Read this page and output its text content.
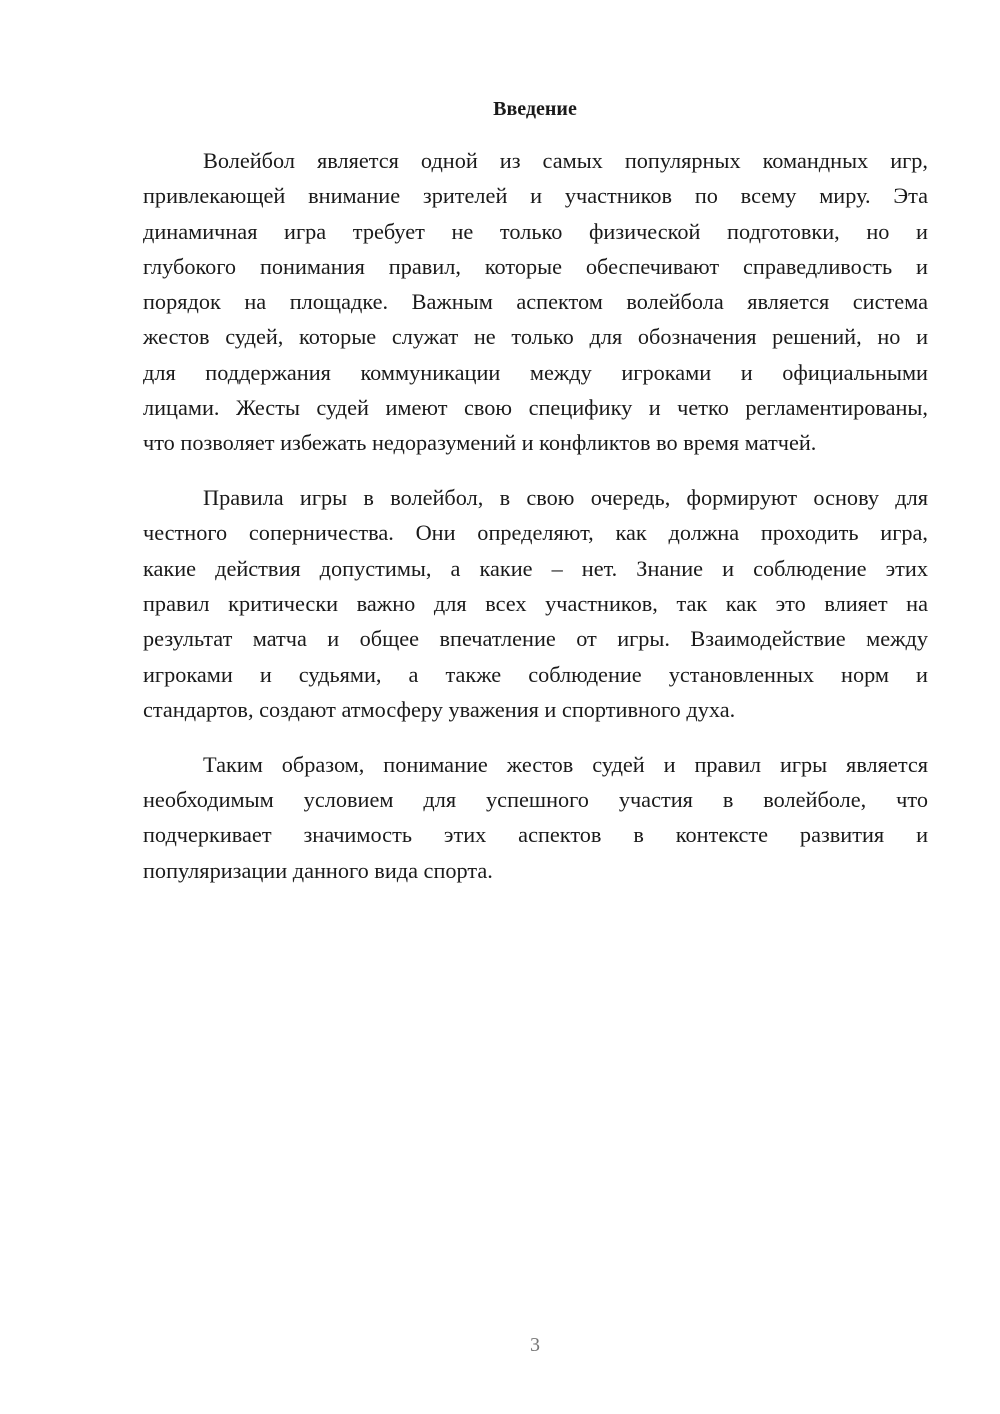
Введение
Волейбол является одной из самых популярных командных игр,
привлекающей внимание зрителей и участников по всему миру. Эта
динамичная игра требует не только физической подготовки, но и
глубокого понимания правил, которые обеспечивают справедливость и
порядок на площадке. Важным аспектом волейбола является система
жестов судей, которые служат не только для обозначения решений, но и
для поддержания коммуникации между игроками и официальными
лицами. Жесты судей имеют свою специфику и четко регламентированы,
что позволяет избежать недоразумений и конфликтов во время матчей.
Правила игры в волейбол, в свою очередь, формируют основу для
честного соперничества. Они определяют, как должна проходить игра,
какие действия допустимы, а какие – нет. Знание и соблюдение этих
правил критически важно для всех участников, так как это влияет на
результат матча и общее впечатление от игры. Взаимодействие между
игроками и судьями, а также соблюдение установленных норм и
стандартов, создают атмосферу уважения и спортивного духа.
Таким образом, понимание жестов судей и правил игры является
необходимым условием для успешного участия в волейболе, что
подчеркивает значимость этих аспектов в контексте развития и
популяризации данного вида спорта.
3
